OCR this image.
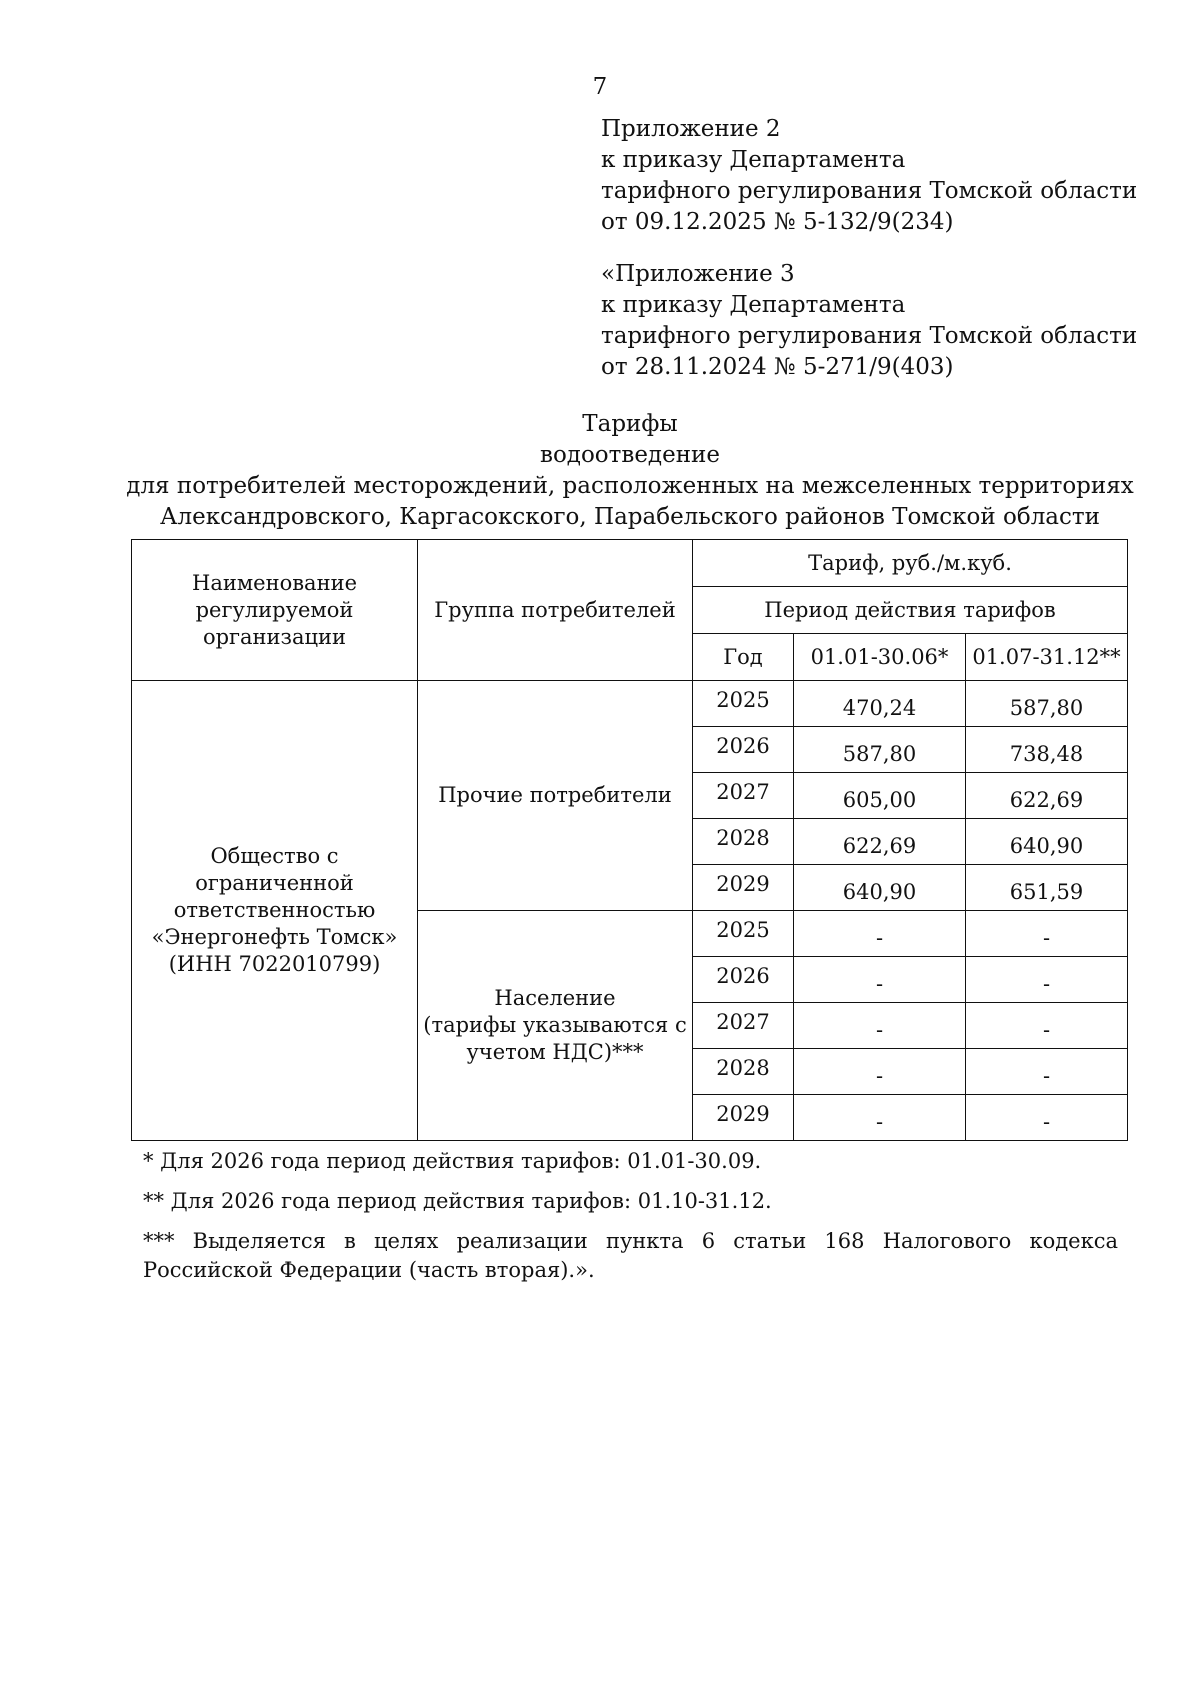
7
Приложение 2
к приказу Департамента
тарифного регулирования Томской области
от 09.12.2025 № 5-132/9(234)
«Приложение 3
к приказу Департамента
тарифного регулирования Томской области
от 28.11.2024 № 5-271/9(403)
Тарифы
водоотведение
для потребителей месторождений, расположенных на межселенных территориях
Александровского, Каргасокского, Парабельского районов Томской области
Наименование регулируемой организации	Группа потребителей	Тариф, руб./м.куб.		
		Период действия тарифов		
		Год	01.01-30.06*	01.07-31.12**

Общество с
ограниченной
ответственностью
«Энергонефть Томск»
(ИНН 7022010799)	Прочие потребители	2025	470,24	587,80
		2026	587,80	738,48
		2027	605,00	622,69
		2028	622,69	640,90
		2029	640,90	651,59

	Население
(тарифы указываются с
учетом НДС)***	2025	-	-
		2026	-	-
		2027	-	-
		2028	-	-
		2029	-	-

* Для 2026 года период действия тарифов: 01.01-30.09.

** Для 2026 года период действия тарифов: 01.10-31.12.

*** Выделяется в целях реализации пункта 6 статьи 168 Налогового кодекса Российской Федерации (часть вторая).».
